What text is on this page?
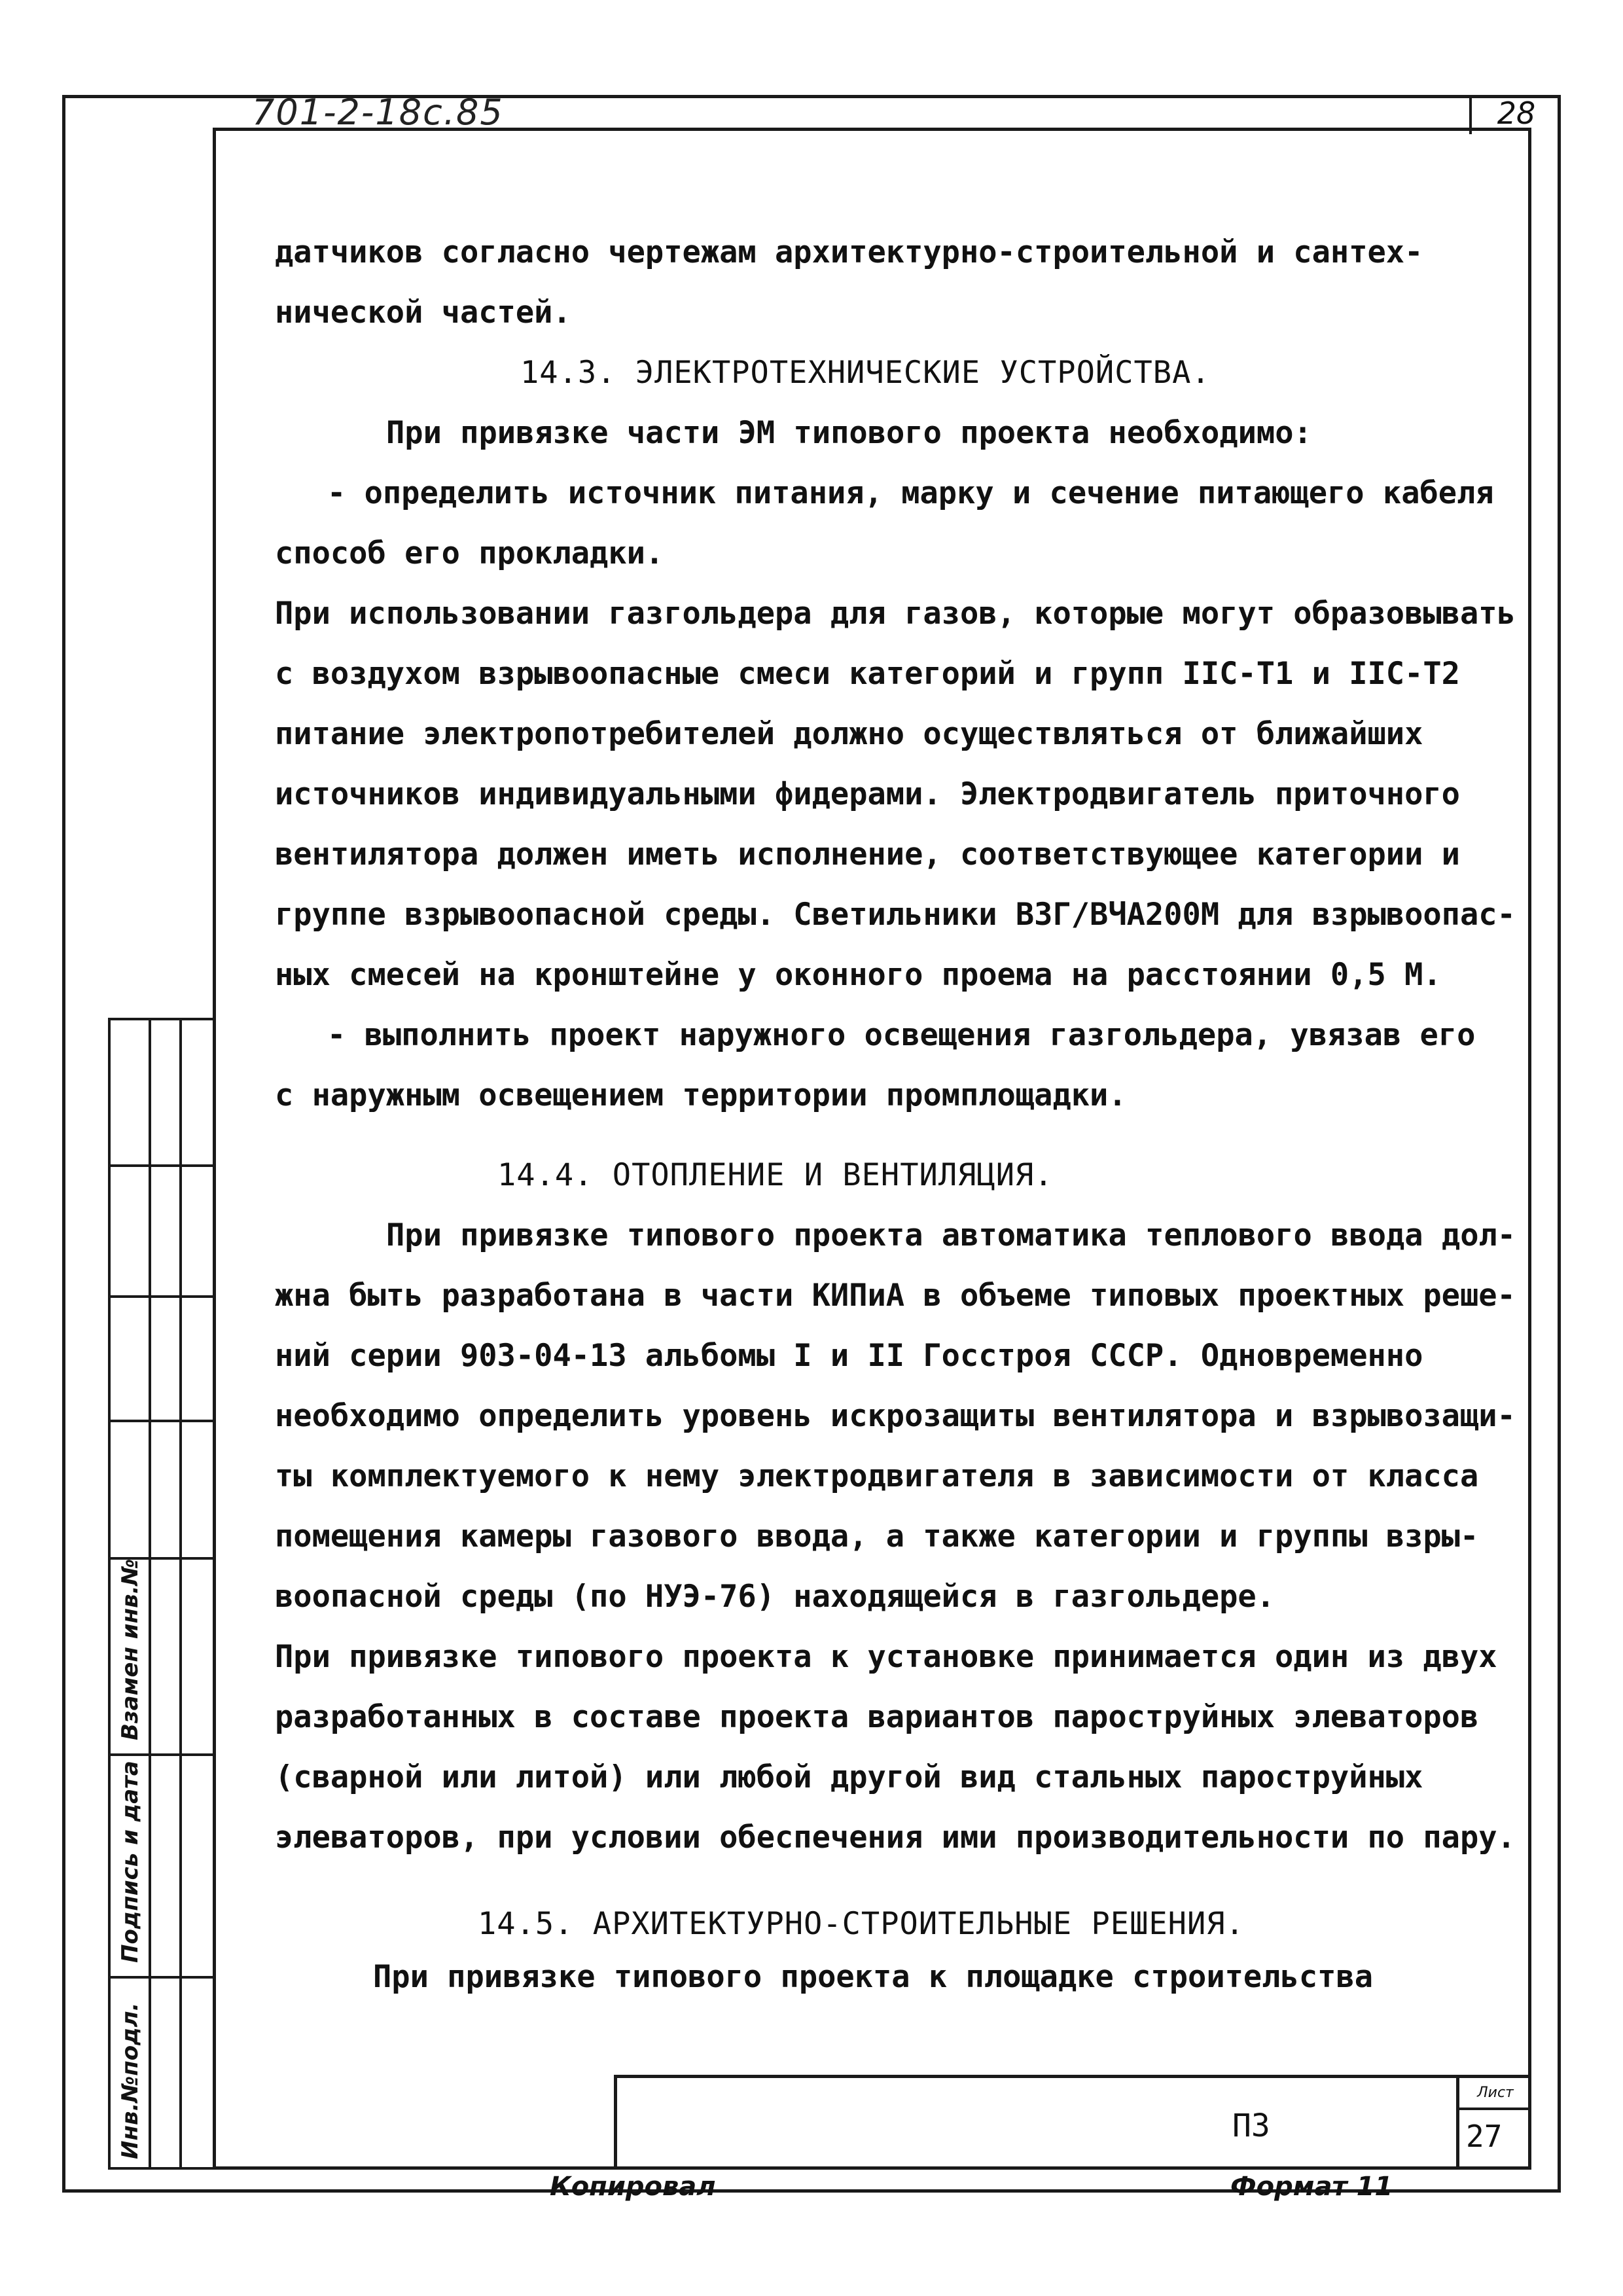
701-2-18с.85	28

датчиков согласно чертежам архитектурно-строительной и сантех-

нической частей.

14.3. ЭЛЕКТРОТЕХНИЧЕСКИЕ УСТРОЙСТВА.

При привязке части ЭМ типового проекта необходимо:

- определить источник питания, марку и сечение питающего кабеля

способ его прокладки.

При использовании газгольдера для газов, которые могут образовывать

с воздухом взрывоопасные смеси категорий и групп IIC-T1 и IIC-T2

питание электропотребителей должно осуществляться от ближайших

источников индивидуальными фидерами. Электродвигатель приточного

вентилятора должен иметь исполнение, соответствующее категории и

группе взрывоопасной среды. Светильники ВЗГ/ВЧА200М для взрывоопас-

ных смесей на кронштейне у оконного проема на расстоянии 0,5 М.

- выполнить проект наружного освещения газгольдера, увязав его

с наружным освещением территории промплощадки.

14.4. ОТОПЛЕНИЕ И ВЕНТИЛЯЦИЯ.

При привязке типового проекта автоматика теплового ввода дол-

жна быть разработана в части КИПиА в объеме типовых проектных реше-

ний серии 903-04-13 альбомы I и II Госстроя СССР. Одновременно

необходимо определить уровень искрозащиты вентилятора и взрывозащи-

ты комплектуемого к нему электродвигателя в зависимости от класса

помещения камеры газового ввода, а также категории и группы взры-

воопасной среды (по НУЭ-76) находящейся в газгольдере.

При привязке типового проекта к установке принимается один из двух

разработанных в составе проекта вариантов пароструйных элеваторов

(сварной или литой) или любой другой вид стальных пароструйных

элеваторов, при условии обеспечения ими производительности по пару.

14.5. АРХИТЕКТУРНО-СТРОИТЕЛЬНЫЕ РЕШЕНИЯ.

При привязке типового проекта к площадке строительства

ПЗ
Лист
27
Инв.№подл.
Подпись и дата
Взамен инв.№
Копировал	Формат 11
